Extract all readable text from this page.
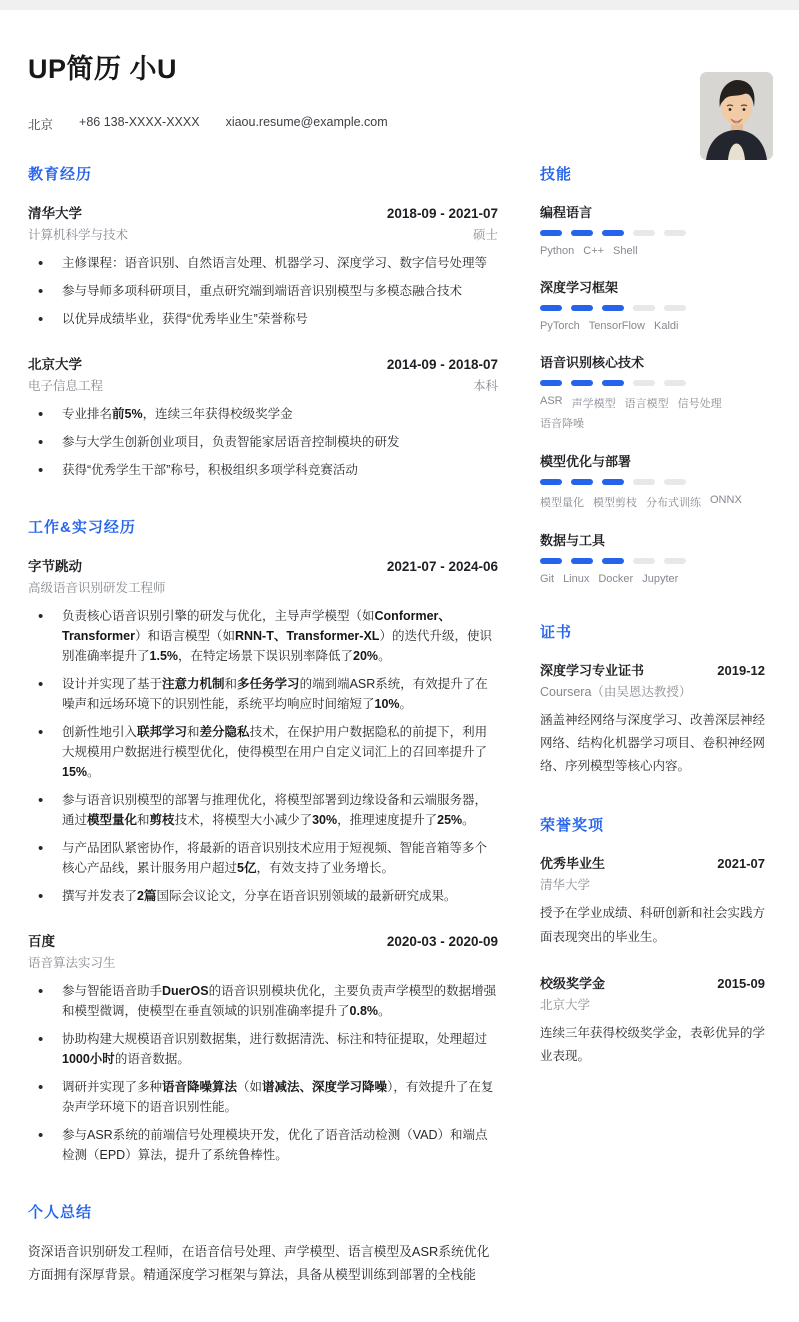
UP简历 小U
北京 +86 138-XXXX-XXXX xiaou.resume@example.com
教育经历
清华大学	2018-09 - 2021-07
计算机科学与技术	硕士
• 主修课程：语音识别、自然语言处理、机器学习、深度学习、数字信号处理等
• 参与导师多项科研项目，重点研究端到端语音识别模型与多模态融合技术
• 以优异成绩毕业，获得“优秀毕业生”荣誉称号
北京大学	2014-09 - 2018-07
电子信息工程	本科
• 专业排名前5%，连续三年获得校级奖学金
• 参与大学生创新创业项目，负责智能家居语音控制模块的研发
• 获得“优秀学生干部”称号，积极组织多项学科竞赛活动
工作&实习经历
字节跳动	2021-07 - 2024-06
高级语音识别研发工程师
• 负责核心语音识别引擎的研发与优化，主导声学模型（如Conformer、Transformer）和语言模型（如RNN-T、Transformer-XL）的迭代升级，使识别准确率提升了1.5%，在特定场景下误识别率降低了20%。
• 设计并实现了基于注意力机制和多任务学习的端到端ASR系统，有效提升了在噪声和远场环境下的识别性能，系统平均响应时间缩短了10%。
• 创新性地引入联邦学习和差分隐私技术，在保护用户数据隐私的前提下，利用大规模用户数据进行模型优化，使得模型在用户自定义词汇上的召回率提升了15%。
• 参与语音识别模型的部署与推理优化，将模型部署到边缘设备和云端服务器，通过模型量化和剪枝技术，将模型大小减少了30%，推理速度提升了25%。
• 与产品团队紧密协作，将最新的语音识别技术应用于短视频、智能音箱等多个核心产品线，累计服务用户超过5亿，有效支持了业务增长。
• 撰写并发表了2篇国际会议论文，分享在语音识别领域的最新研究成果。
百度	2020-03 - 2020-09
语音算法实习生
• 参与智能语音助手DuerOS的语音识别模块优化，主要负责声学模型的数据增强和模型微调，使模型在垂直领域的识别准确率提升了0.8%。
• 协助构建大规模语音识别数据集，进行数据清洗、标注和特征提取，处理超过1000小时的语音数据。
• 调研并实现了多种语音降噪算法（如谱减法、深度学习降噪），有效提升了在复杂声学环境下的语音识别性能。
• 参与ASR系统的前端信号处理模块开发，优化了语音活动检测（VAD）和端点检测（EPD）算法，提升了系统鲁棒性。
个人总结

资深语音识别研发工程师，在语音信号处理、声学模型、语言模型及ASR系统优化方面拥有深厚背景。精通深度学习框架与算法，具备从模型训练到部署的全栈能

技能
编程语言
Python C++ Shell
深度学习框架
PyTorch TensorFlow Kaldi
语音识别核心技术
ASR 声学模型 语言模型 信号处理
语音降噪
模型优化与部署
模型量化 模型剪枝 分布式训练 ONNX
数据与工具
Git Linux Docker Jupyter
证书
深度学习专业证书	2019-12
Coursera（由吴恩达教授）

涵盖神经网络与深度学习、改善深层神经网络、结构化机器学习项目、卷积神经网络、序列模型等核心内容。

荣誉奖项
优秀毕业生	2021-07
清华大学

授予在学业成绩、科研创新和社会实践方面表现突出的毕业生。

校级奖学金	2015-09
北京大学

连续三年获得校级奖学金，表彰优异的学业表现。
